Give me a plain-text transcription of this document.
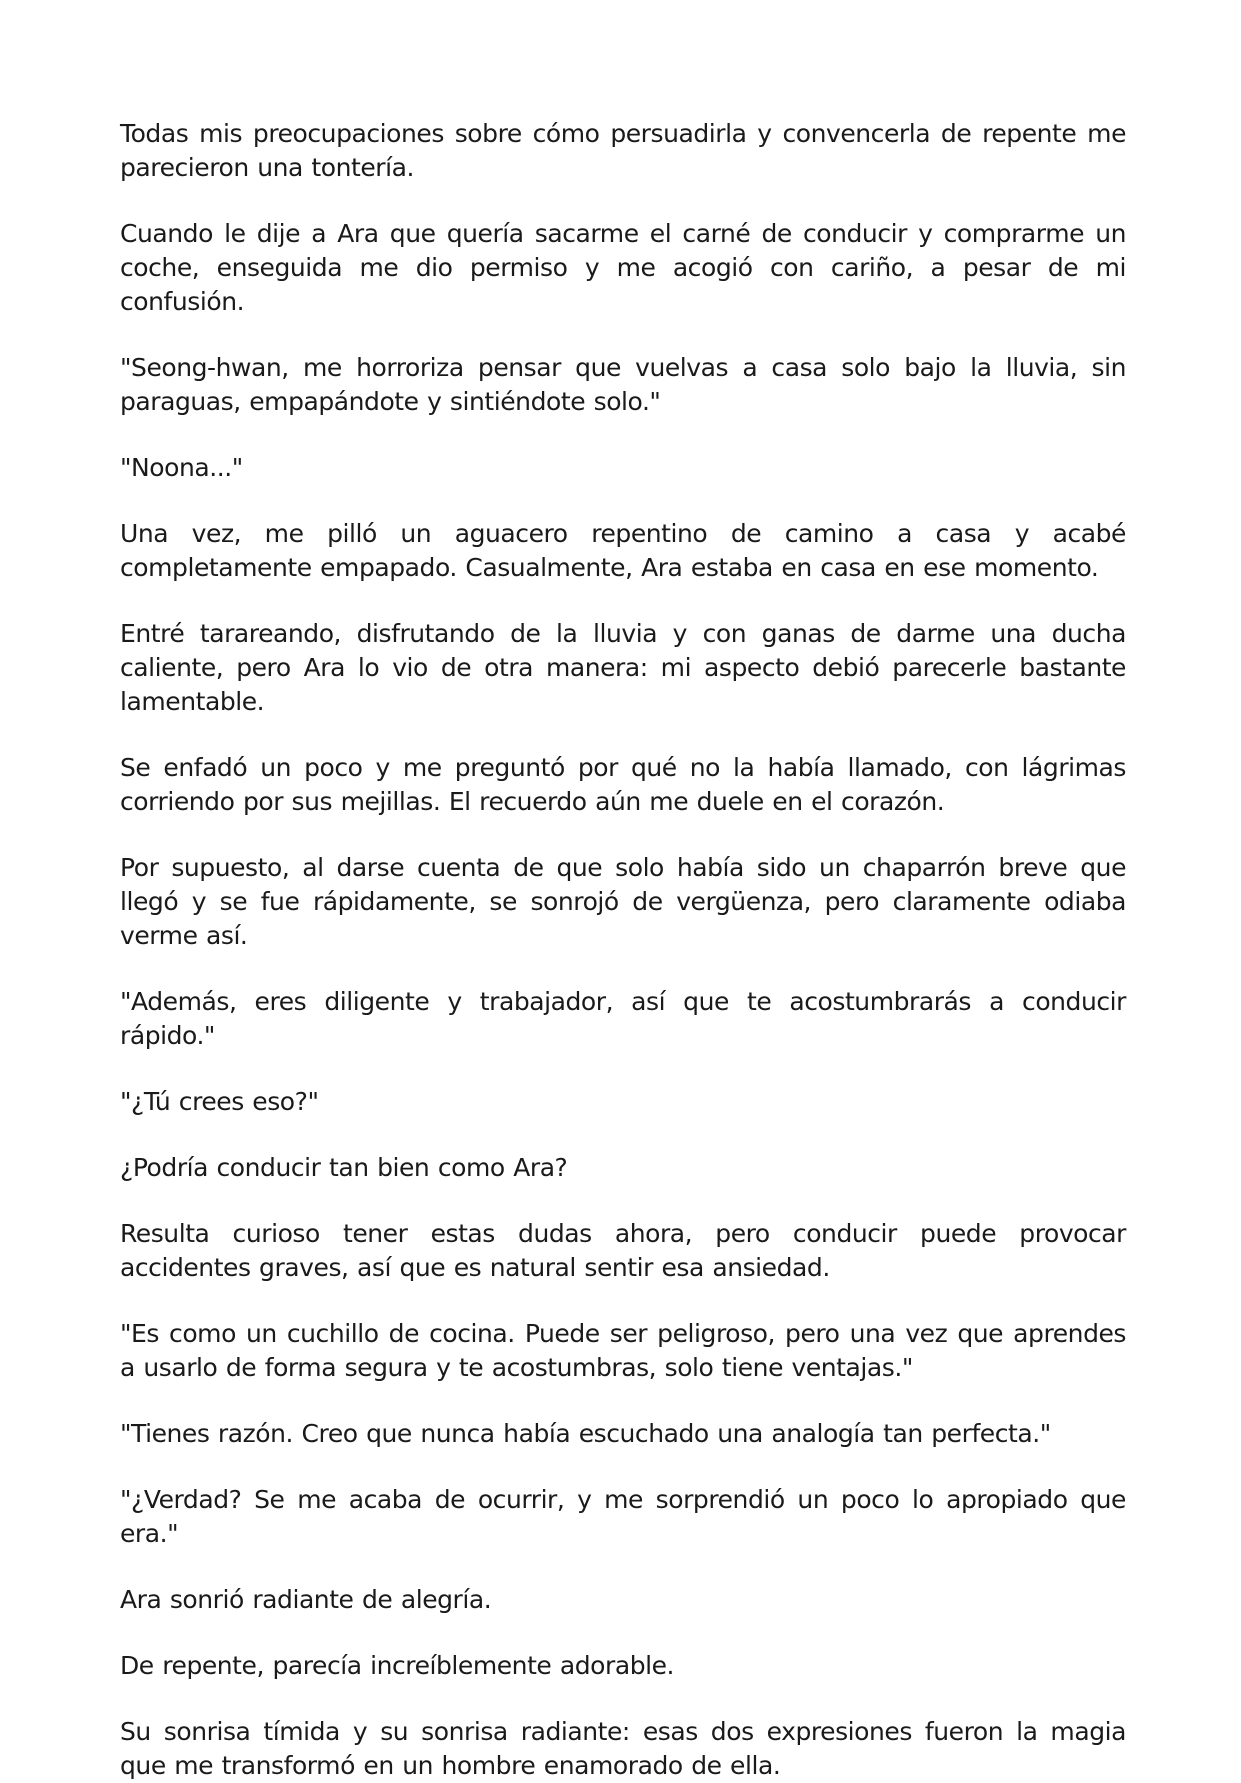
Todas mis preocupaciones sobre cómo persuadirla y convencerla de repente me parecieron una tontería.

Cuando le dije a Ara que quería sacarme el carné de conducir y comprarme un coche, enseguida me dio permiso y me acogió con cariño, a pesar de mi confusión.

"Seong-hwan, me horroriza pensar que vuelvas a casa solo bajo la lluvia, sin paraguas, empapándote y sintiéndote solo."

"Noona..."

Una vez, me pilló un aguacero repentino de camino a casa y acabé completamente empapado. Casualmente, Ara estaba en casa en ese momento.

Entré tarareando, disfrutando de la lluvia y con ganas de darme una ducha caliente, pero Ara lo vio de otra manera: mi aspecto debió parecerle bastante lamentable.

Se enfadó un poco y me preguntó por qué no la había llamado, con lágrimas corriendo por sus mejillas. El recuerdo aún me duele en el corazón.

Por supuesto, al darse cuenta de que solo había sido un chaparrón breve que llegó y se fue rápidamente, se sonrojó de vergüenza, pero claramente odiaba verme así.

"Además, eres diligente y trabajador, así que te acostumbrarás a conducir rápido."

"¿Tú crees eso?"

¿Podría conducir tan bien como Ara?

Resulta curioso tener estas dudas ahora, pero conducir puede provocar accidentes graves, así que es natural sentir esa ansiedad.

"Es como un cuchillo de cocina. Puede ser peligroso, pero una vez que aprendes a usarlo de forma segura y te acostumbras, solo tiene ventajas."

"Tienes razón. Creo que nunca había escuchado una analogía tan perfecta."

"¿Verdad? Se me acaba de ocurrir, y me sorprendió un poco lo apropiado que era."

Ara sonrió radiante de alegría.

De repente, parecía increíblemente adorable.

Su sonrisa tímida y su sonrisa radiante: esas dos expresiones fueron la magia que me transformó en un hombre enamorado de ella.
